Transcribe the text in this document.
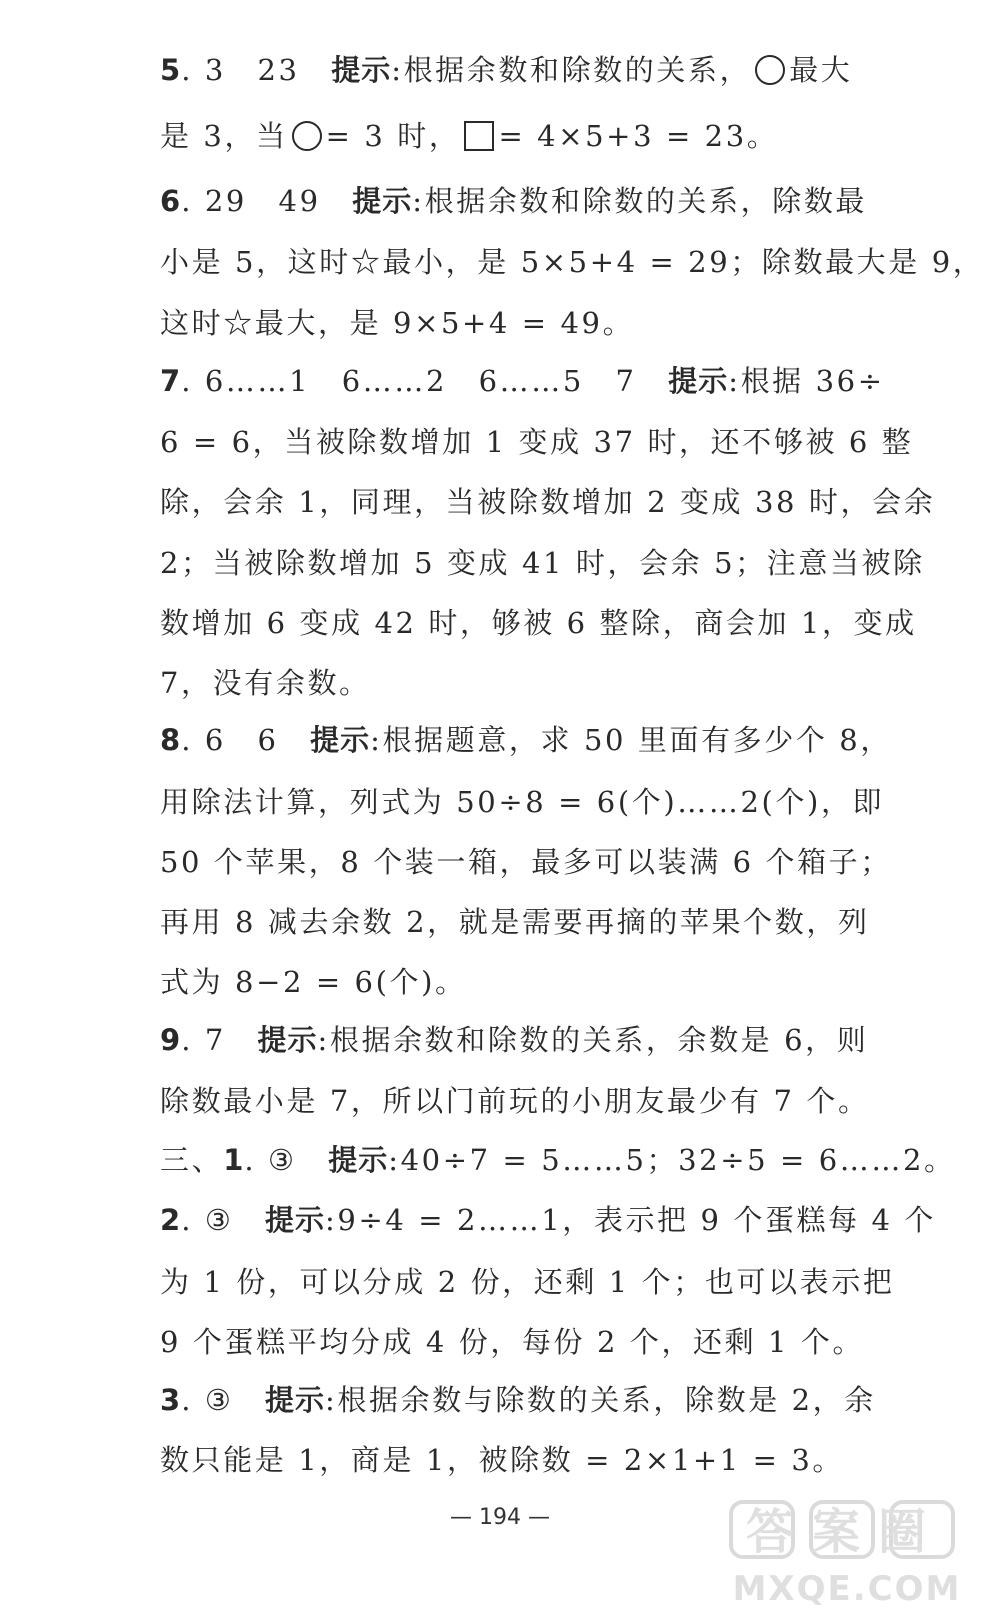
5. 3　23　提示:根据余数和除数的关系， 最大
是 3，当 = 3 时， = 4×5+3 = 23。
6. 29　49　提示:根据余数和除数的关系，除数最
小是 5，这时☆最小，是 5×5+4 = 29；除数最大是 9，
这时☆最大，是 9×5+4 = 49。
7. 6……1　6……2　6……5　7　提示:根据 36÷
6 = 6，当被除数增加 1 变成 37 时，还不够被 6 整
除，会余 1，同理，当被除数增加 2 变成 38 时，会余
2；当被除数增加 5 变成 41 时，会余 5；注意当被除
数增加 6 变成 42 时，够被 6 整除，商会加 1，变成
7，没有余数。
8. 6　6　提示:根据题意，求 50 里面有多少个 8，
用除法计算，列式为 50÷8 = 6(个)……2(个)，即
50 个苹果，8 个装一箱，最多可以装满 6 个箱子；
再用 8 减去余数 2，就是需要再摘的苹果个数，列
式为 8−2 = 6(个)。
9. 7　提示:根据余数和除数的关系，余数是 6，则
除数最小是 7，所以门前玩的小朋友最少有 7 个。
三、1. ③　提示:40÷7 = 5……5；32÷5 = 6……2。
2. ③　提示:9÷4 = 2……1，表示把 9 个蛋糕每 4 个
为 1 份，可以分成 2 份，还剩 1 个；也可以表示把
9 个蛋糕平均分成 4 份，每份 2 个，还剩 1 个。
3. ③　提示:根据余数与除数的关系，除数是 2，余
数只能是 1，商是 1，被除数 = 2×1+1 = 3。
— 194 —	答案圈
MXQE.COM
